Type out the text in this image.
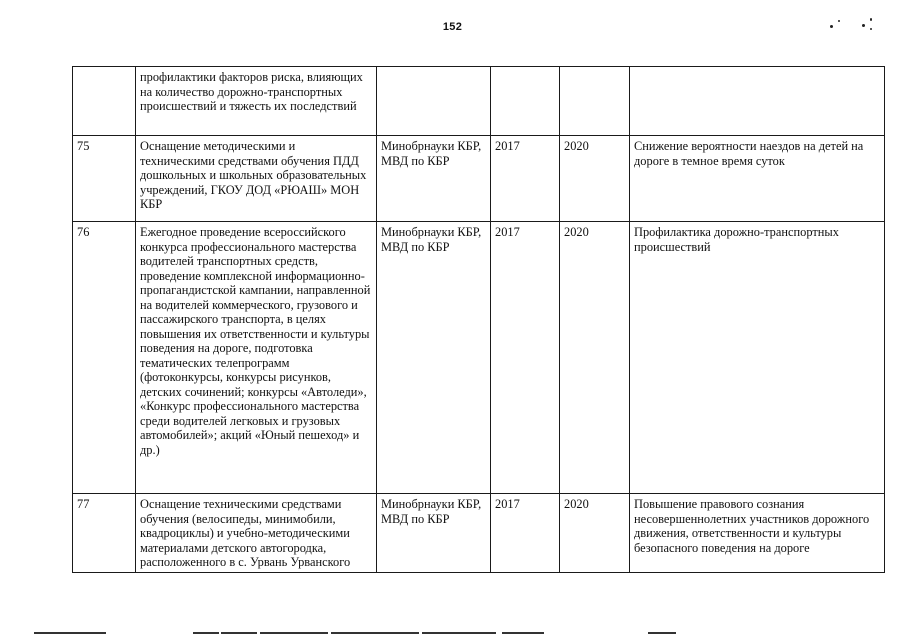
152
	профилактики факторов риска, влияющих на количество дорожно-транспортных происшествий и тяжесть их последствий				
75	Оснащение методическими и техническими средствами обучения ПДД дошкольных и школьных образовательных учреждений, ГКОУ ДОД «РЮАШ» МОН КБР	Минобрнауки КБР, МВД по КБР	2017	2020	Снижение вероятности наездов на детей на дороге в темное время суток
76	Ежегодное проведение всероссийского конкурса профессионального мастерства водителей транспортных средств, проведение комплексной информационно-пропагандистской кампании, направленной на водителей коммерческого, грузового и пассажирского транспорта, в целях повышения их ответственности и культуры поведения на дороге, подготовка тематических телепрограмм (фотоконкурсы, конкурсы рисунков, детских сочинений; конкурсы «Автоледи», «Конкурс профессионального мастерства среди водителей легковых и грузовых автомобилей»; акций «Юный пешеход» и др.)	Минобрнауки КБР, МВД по КБР	2017	2020	Профилактика дорожно-транспортных происшествий
77	Оснащение техническими средствами обучения (велосипеды, минимобили, квадроциклы) и учебно-методическими материалами детского автогородка, расположенного в с. Урвань Урванского	Минобрнауки КБР, МВД по КБР	2017	2020	Повышение правового сознания несовершеннолетних участников дорожного движения, ответственности и культуры безопасного поведения на дороге
